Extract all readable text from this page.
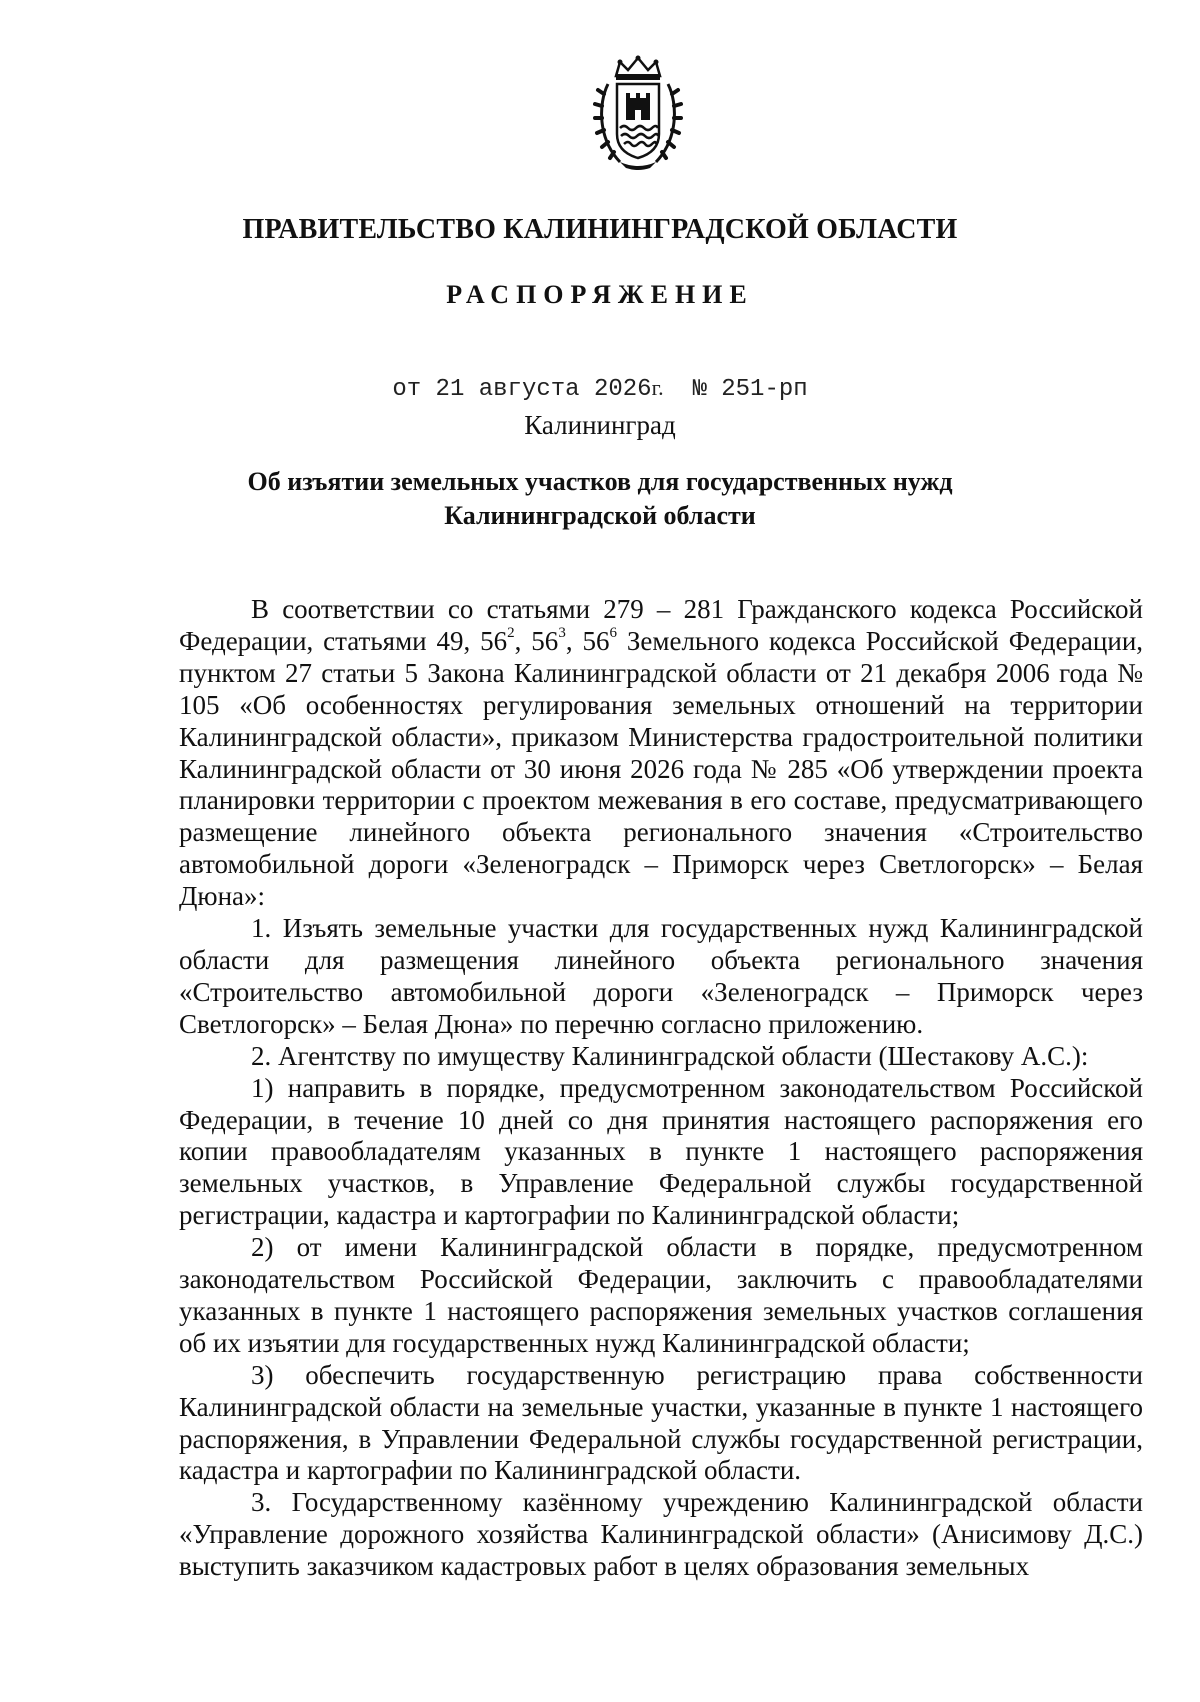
ПРАВИТЕЛЬСТВО КАЛИНИНГРАДСКОЙ ОБЛАСТИ
РАСПОРЯЖЕНИЕ
от 21 августа 2026г. № 251-рп
Калининград
Об изъятии земельных участков для государственных нужд
Калининградской области

В соответствии со статьями 279 – 281 Гражданского кодекса Российской Федерации, статьями 49, $56^2$, $56^3$, $56^6$ Земельного кодекса Российской Федерации, пунктом 27 статьи 5 Закона Калининградской области от 21 декабря 2006 года № 105 «Об особенностях регулирования земельных отношений на территории Калининградской области», приказом Министерства градостроительной политики Калининградской области от 30 июня 2026 года № 285 «Об утверждении проекта планировки территории с проектом межевания в его составе, предусматривающего размещение линейного объекта регионального значения «Строительство автомобильной дороги «Зеленоградск – Приморск через Светлогорск» – Белая Дюна»:

1. Изъять земельные участки для государственных нужд Калининградской области для размещения линейного объекта регионального значения «Строительство автомобильной дороги «Зеленоградск – Приморск через Светлогорск» – Белая Дюна» по перечню согласно приложению.

2. Агентству по имуществу Калининградской области (Шестакову А.С.):

1) направить в порядке, предусмотренном законодательством Российской Федерации, в течение 10 дней со дня принятия настоящего распоряжения его копии правообладателям указанных в пункте 1 настоящего распоряжения земельных участков, в Управление Федеральной службы государственной регистрации, кадастра и картографии по Калининградской области;

2) от имени Калининградской области в порядке, предусмотренном законодательством Российской Федерации, заключить с правообладателями указанных в пункте 1 настоящего распоряжения земельных участков соглашения об их изъятии для государственных нужд Калининградской области;

3) обеспечить государственную регистрацию права собственности Калининградской области на земельные участки, указанные в пункте 1 настоящего распоряжения, в Управлении Федеральной службы государственной регистрации, кадастра и картографии по Калининградской области.

3. Государственному казённому учреждению Калининградской области «Управление дорожного хозяйства Калининградской области» (Анисимову Д.С.) выступить заказчиком кадастровых работ в целях образования земельных
